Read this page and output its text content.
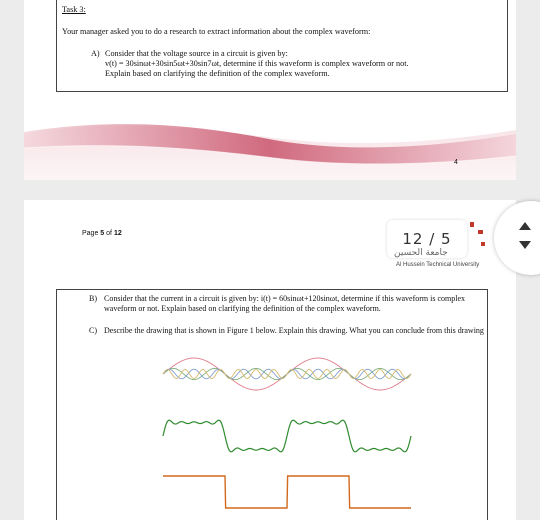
Task 3:
Your manager asked you to do a research to extract information about the complex waveform:
A) Consider that the voltage source in a circuit is given by:
v(t) = 30sinωt+30sin5ωt+30sin7ωt, determine if this waveform is complex waveform or not.
Explain based on clarifying the definition of the complex waveform.
4
Page 5 of 12	12 / 5
جامعة الحسين
Al Hussein Technical University
B) Consider that the current in a circuit is given by: i(t) = 60sinωt+120sinωt, determine if this waveform is complex waveform or not. Explain based on clarifying the definition of the complex waveform.
C) Describe the drawing that is shown in Figure 1 below. Explain this drawing. What you can conclude from this drawing
